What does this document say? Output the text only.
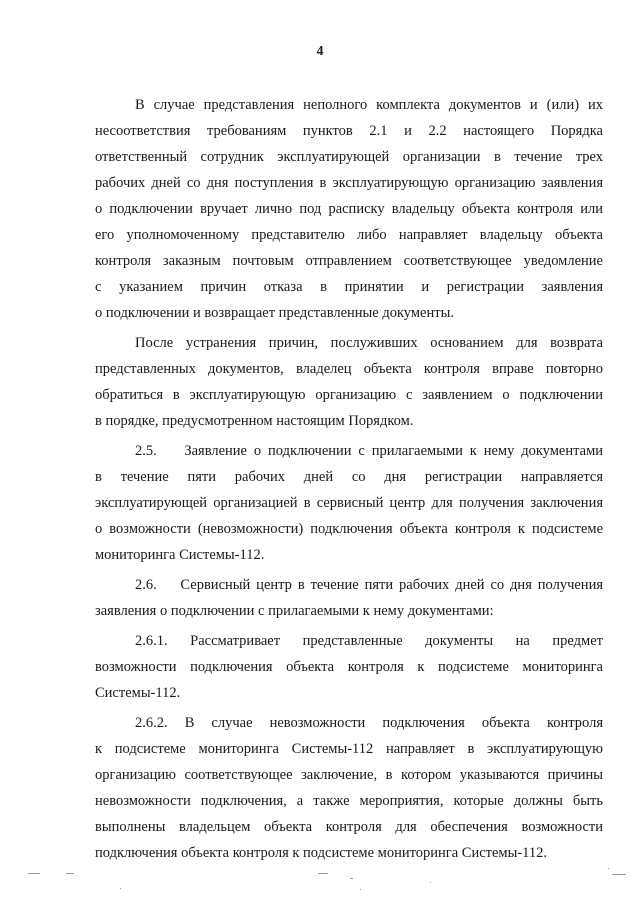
4
В случае представления неполного комплекта документов и (или) их
несоответствия требованиям пунктов 2.1 и 2.2 настоящего Порядка
ответственный сотрудник эксплуатирующей организации в течение трех
рабочих дней со дня поступления в эксплуатирующую организацию заявления
о подключении вручает лично под расписку владельцу объекта контроля или
его уполномоченному представителю либо направляет владельцу объекта
контроля заказным почтовым отправлением соответствующее уведомление
с указанием причин отказа в принятии и регистрации заявления
о подключении и возвращает представленные документы.
После устранения причин, послуживших основанием для возврата
представленных документов, владелец объекта контроля вправе повторно
обратиться в эксплуатирующую организацию с заявлением о подключении
в порядке, предусмотренном настоящим Порядком.
2.5.    Заявление о подключении с прилагаемыми к нему документами
в течение пяти рабочих дней со дня регистрации направляется
эксплуатирующей организацией в сервисный центр для получения заключения
о возможности (невозможности) подключения объекта контроля к подсистеме
мониторинга Системы-112.
2.6.    Сервисный центр в течение пяти рабочих дней со дня получения
заявления о подключении с прилагаемыми к нему документами:
2.6.1. Рассматривает представленные документы на предмет
возможности подключения объекта контроля к подсистеме мониторинга
Системы-112.
2.6.2. В случае невозможности подключения объекта контроля
к подсистеме мониторинга Системы-112 направляет в эксплуатирующую
организацию соответствующее заключение, в котором указываются причины
невозможности подключения, а также мероприятия, которые должны быть
выполнены владельцем объекта контроля для обеспечения возможности
подключения объекта контроля к подсистеме мониторинга Системы-112.
